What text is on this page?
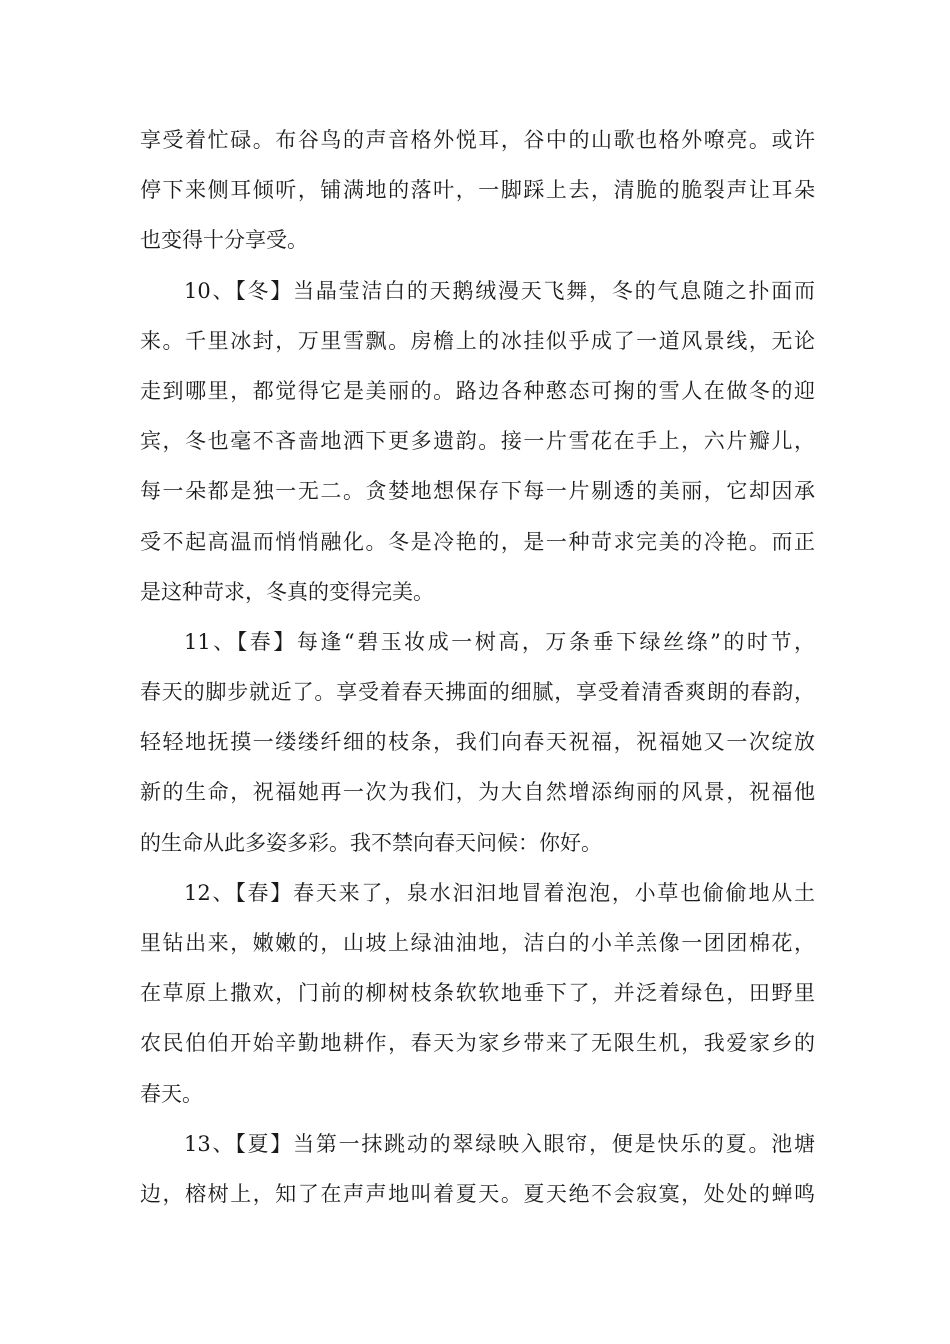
享受着忙碌。布谷鸟的声音格外悦耳，谷中的山歌也格外嘹亮。或许
停下来侧耳倾听，铺满地的落叶，一脚踩上去，清脆的脆裂声让耳朵
也变得十分享受。
10、【冬】当晶莹洁白的天鹅绒漫天飞舞，冬的气息随之扑面而
来。千里冰封，万里雪飘。房檐上的冰挂似乎成了一道风景线，无论
走到哪里，都觉得它是美丽的。路边各种憨态可掬的雪人在做冬的迎
宾，冬也毫不吝啬地洒下更多遗韵。接一片雪花在手上，六片瓣儿，
每一朵都是独一无二。贪婪地想保存下每一片剔透的美丽，它却因承
受不起高温而悄悄融化。冬是冷艳的，是一种苛求完美的冷艳。而正
是这种苛求，冬真的变得完美。
11、【春】每逢“碧玉妆成一树高，万条垂下绿丝绦”的时节，
春天的脚步就近了。享受着春天拂面的细腻，享受着清香爽朗的春韵，
轻轻地抚摸一缕缕纤细的枝条，我们向春天祝福，祝福她又一次绽放
新的生命，祝福她再一次为我们，为大自然增添绚丽的风景，祝福他
的生命从此多姿多彩。我不禁向春天问候：你好。
12、【春】春天来了，泉水汩汩地冒着泡泡，小草也偷偷地从土
里钻出来，嫩嫩的，山坡上绿油油地，洁白的小羊羔像一团团棉花，
在草原上撒欢，门前的柳树枝条软软地垂下了，并泛着绿色，田野里
农民伯伯开始辛勤地耕作，春天为家乡带来了无限生机，我爱家乡的
春天。
13、【夏】当第一抹跳动的翠绿映入眼帘，便是快乐的夏。池塘
边，榕树上，知了在声声地叫着夏天。夏天绝不会寂寞，处处的蝉鸣
